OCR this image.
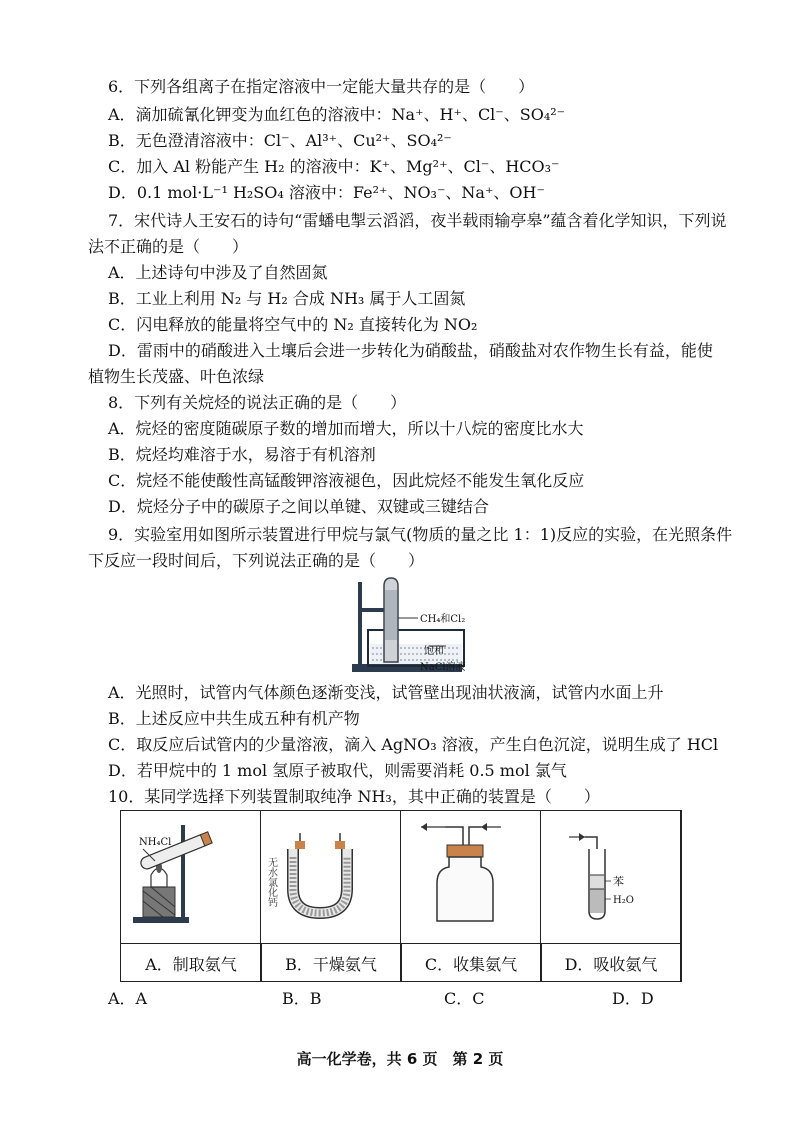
6．下列各组离子在指定溶液中一定能大量共存的是（　　）
A．滴加硫氰化钾变为血红色的溶液中：Na⁺、H⁺、Cl⁻、SO₄²⁻
B．无色澄清溶液中：Cl⁻、Al³⁺、Cu²⁺、SO₄²⁻
C．加入 Al 粉能产生 H₂ 的溶液中：K⁺、Mg²⁺、Cl⁻、HCO₃⁻
D．0.1 mol·L⁻¹ H₂SO₄ 溶液中：Fe²⁺、NO₃⁻、Na⁺、OH⁻
7．宋代诗人王安石的诗句“雷蟠电掣云滔滔，夜半载雨输亭皋”蕴含着化学知识，下列说
法不正确的是（　　）
A．上述诗句中涉及了自然固氮
B．工业上利用 N₂ 与 H₂ 合成 NH₃ 属于人工固氮
C．闪电释放的能量将空气中的 N₂ 直接转化为 NO₂
D．雷雨中的硝酸进入土壤后会进一步转化为硝酸盐，硝酸盐对农作物生长有益，能使
植物生长茂盛、叶色浓绿
8．下列有关烷烃的说法正确的是（　　）
A．烷烃的密度随碳原子数的增加而增大，所以十八烷的密度比水大
B．烷烃均难溶于水，易溶于有机溶剂
C．烷烃不能使酸性高锰酸钾溶液褪色，因此烷烃不能发生氧化反应
D．烷烃分子中的碳原子之间以单键、双键或三键结合
9．实验室用如图所示装置进行甲烷与氯气(物质的量之比 1：1)反应的实验，在光照条件
下反应一段时间后，下列说法正确的是（　　）
CH₄和Cl₂
饱和
NaCl溶液
A．光照时，试管内气体颜色逐渐变浅，试管壁出现油状液滴，试管内水面上升
B．上述反应中共生成五种有机产物
C．取反应后试管内的少量溶液，滴入 AgNO₃ 溶液，产生白色沉淀，说明生成了 HCl
D．若甲烷中的 1 mol 氢原子被取代，则需要消耗 0.5 mol 氯气
10．某同学选择下列装置制取纯净 NH₃，其中正确的装置是（　　）
NH₄Cl
无水氯化钙	苯
H₂O
A．制取氨气	B．干燥氨气	C．收集氨气	D．吸收氨气
A．A	B．B	C．C	D．D
高一化学卷，共 6 页　第 2 页
